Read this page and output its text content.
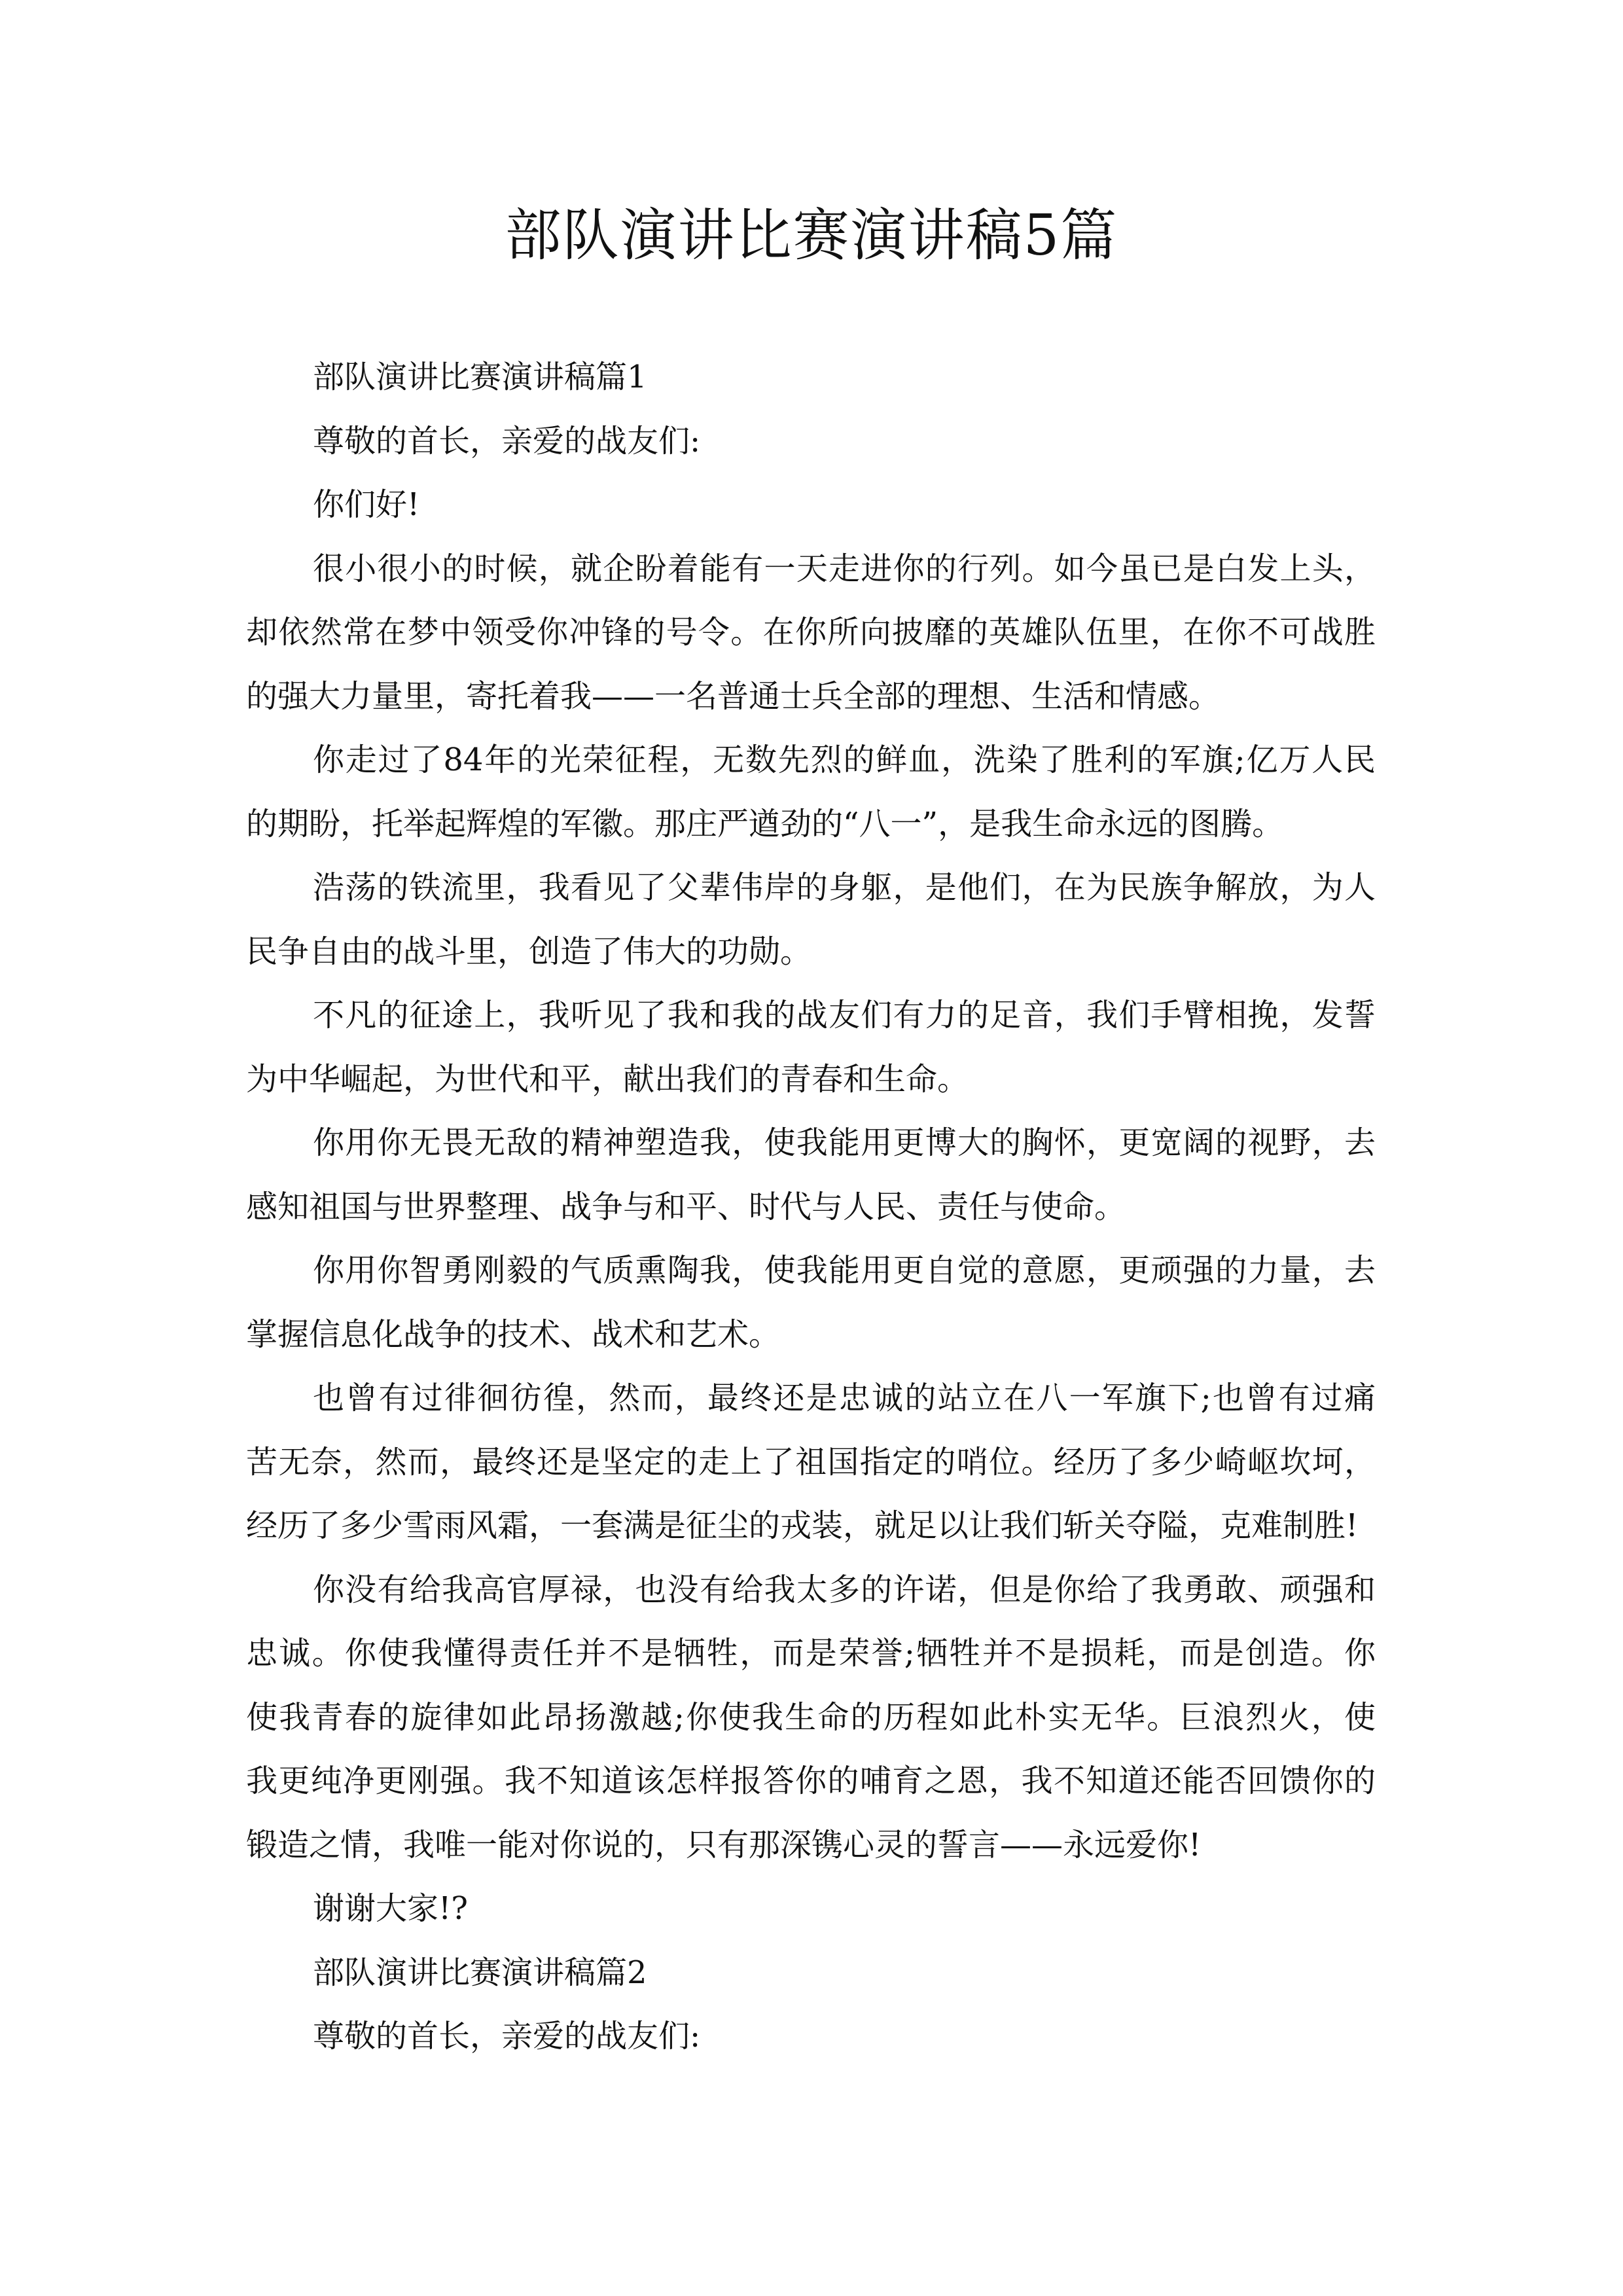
部队演讲比赛演讲稿5篇
部队演讲比赛演讲稿篇1
尊敬的首长，亲爱的战友们:
你们好!
很小很小的时候，就企盼着能有一天走进你的行列。如今虽已是白发上头，
却依然常在梦中领受你冲锋的号令。在你所向披靡的英雄队伍里，在你不可战胜
的强大力量里，寄托着我——一名普通士兵全部的理想、生活和情感。
你走过了84年的光荣征程，无数先烈的鲜血，洗染了胜利的军旗;亿万人民
的期盼，托举起辉煌的军徽。那庄严遒劲的“八一”，是我生命永远的图腾。
浩荡的铁流里，我看见了父辈伟岸的身躯，是他们，在为民族争解放，为人
民争自由的战斗里，创造了伟大的功勋。
不凡的征途上，我听见了我和我的战友们有力的足音，我们手臂相挽，发誓
为中华崛起，为世代和平，献出我们的青春和生命。
你用你无畏无敌的精神塑造我，使我能用更博大的胸怀，更宽阔的视野，去
感知祖国与世界整理、战争与和平、时代与人民、责任与使命。
你用你智勇刚毅的气质熏陶我，使我能用更自觉的意愿，更顽强的力量，去
掌握信息化战争的技术、战术和艺术。
也曾有过徘徊彷徨，然而，最终还是忠诚的站立在八一军旗下;也曾有过痛
苦无奈，然而，最终还是坚定的走上了祖国指定的哨位。经历了多少崎岖坎坷，
经历了多少雪雨风霜，一套满是征尘的戎装，就足以让我们斩关夺隘，克难制胜!
你没有给我高官厚禄，也没有给我太多的许诺，但是你给了我勇敢、顽强和
忠诚。你使我懂得责任并不是牺牲，而是荣誉;牺牲并不是损耗，而是创造。你
使我青春的旋律如此昂扬激越;你使我生命的历程如此朴实无华。巨浪烈火，使
我更纯净更刚强。我不知道该怎样报答你的哺育之恩，我不知道还能否回馈你的
锻造之情，我唯一能对你说的，只有那深镌心灵的誓言——永远爱你!
谢谢大家!?
部队演讲比赛演讲稿篇2
尊敬的首长，亲爱的战友们:
